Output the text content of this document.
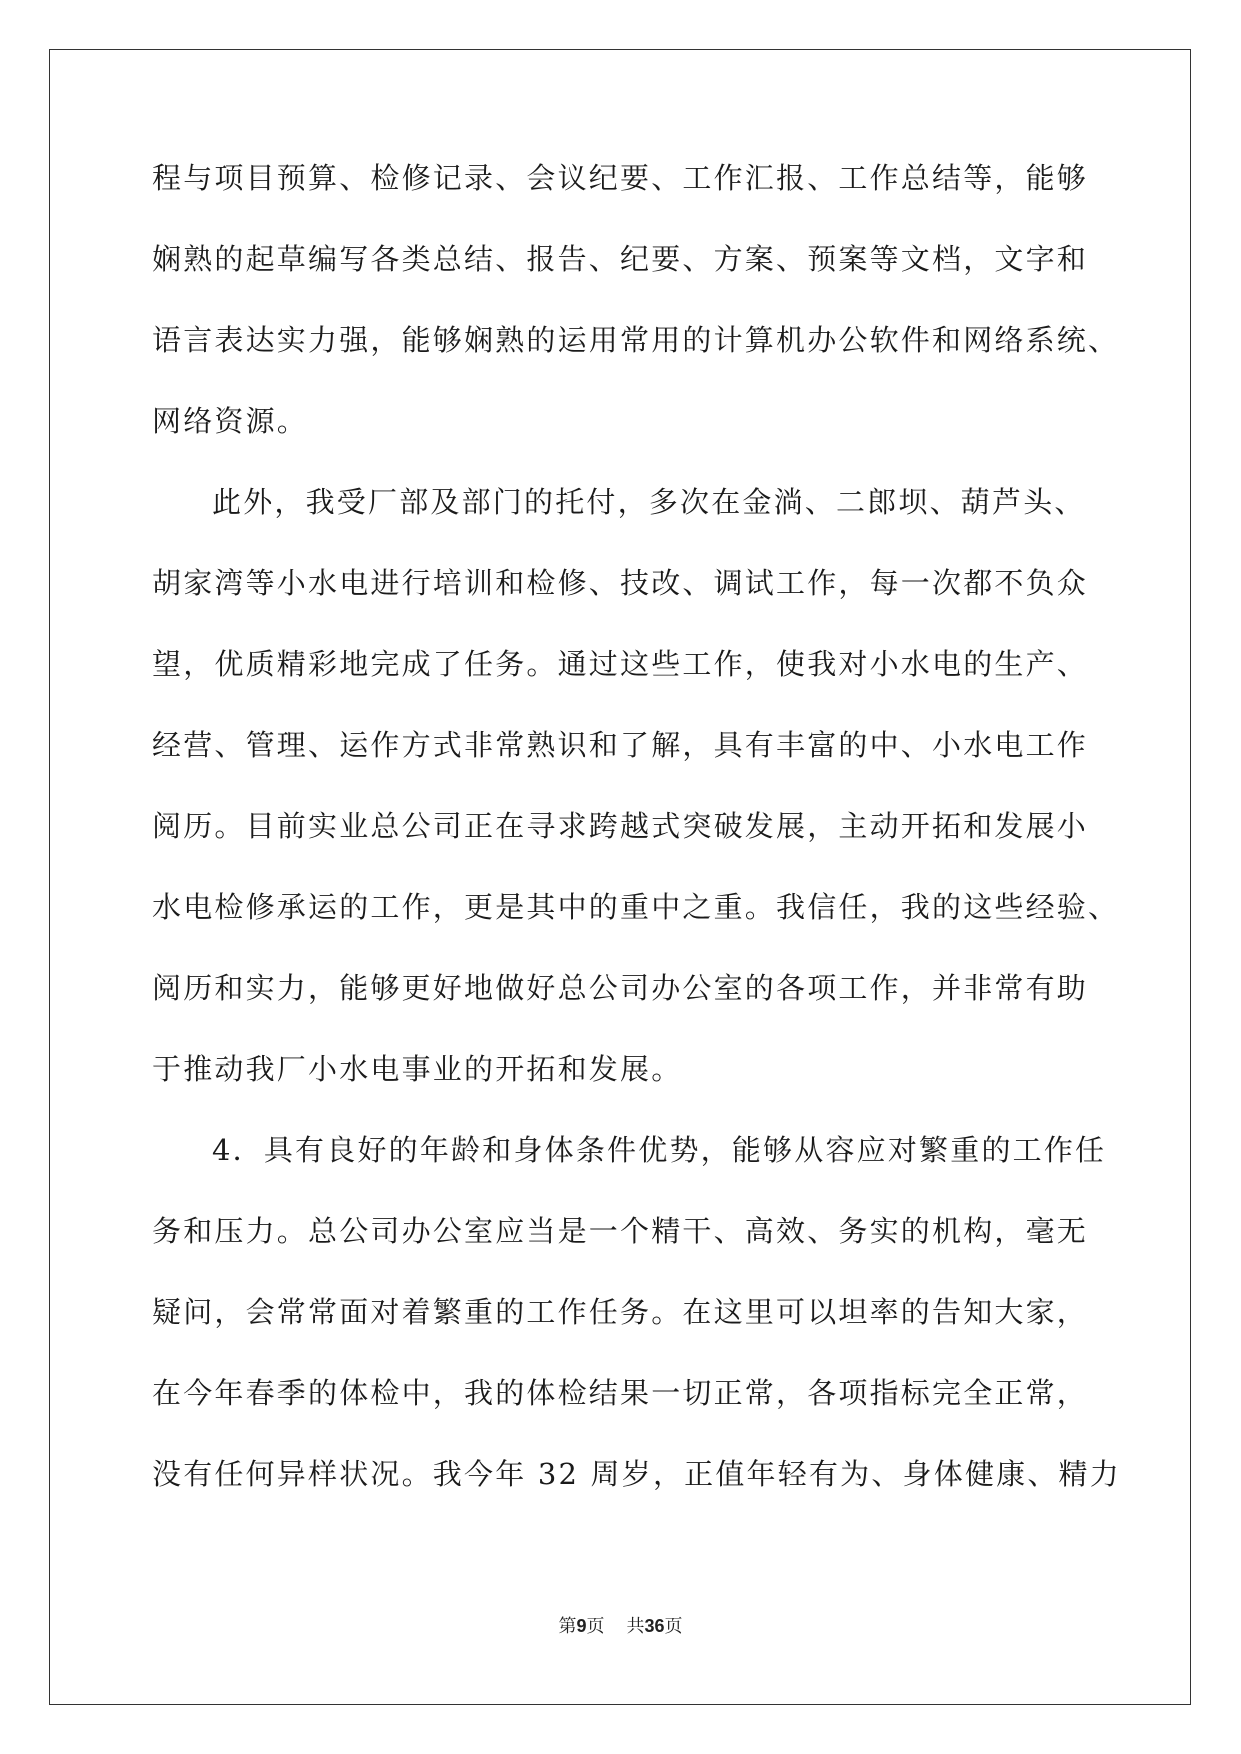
程与项目预算、检修记录、会议纪要、工作汇报、工作总结等，能够
娴熟的起草编写各类总结、报告、纪要、方案、预案等文档，文字和
语言表达实力强，能够娴熟的运用常用的计算机办公软件和网络系统、
网络资源。
此外，我受厂部及部门的托付，多次在金淌、二郎坝、葫芦头、
胡家湾等小水电进行培训和检修、技改、调试工作，每一次都不负众
望，优质精彩地完成了任务。通过这些工作，使我对小水电的生产、
经营、管理、运作方式非常熟识和了解，具有丰富的中、小水电工作
阅历。目前实业总公司正在寻求跨越式突破发展，主动开拓和发展小
水电检修承运的工作，更是其中的重中之重。我信任，我的这些经验、
阅历和实力，能够更好地做好总公司办公室的各项工作，并非常有助
于推动我厂小水电事业的开拓和发展。
4．具有良好的年龄和身体条件优势，能够从容应对繁重的工作任
务和压力。总公司办公室应当是一个精干、高效、务实的机构，毫无
疑问，会常常面对着繁重的工作任务。在这里可以坦率的告知大家，
在今年春季的体检中，我的体检结果一切正常，各项指标完全正常，
没有任何异样状况。我今年 32 周岁，正值年轻有为、身体健康、精力
第9页 共36页
